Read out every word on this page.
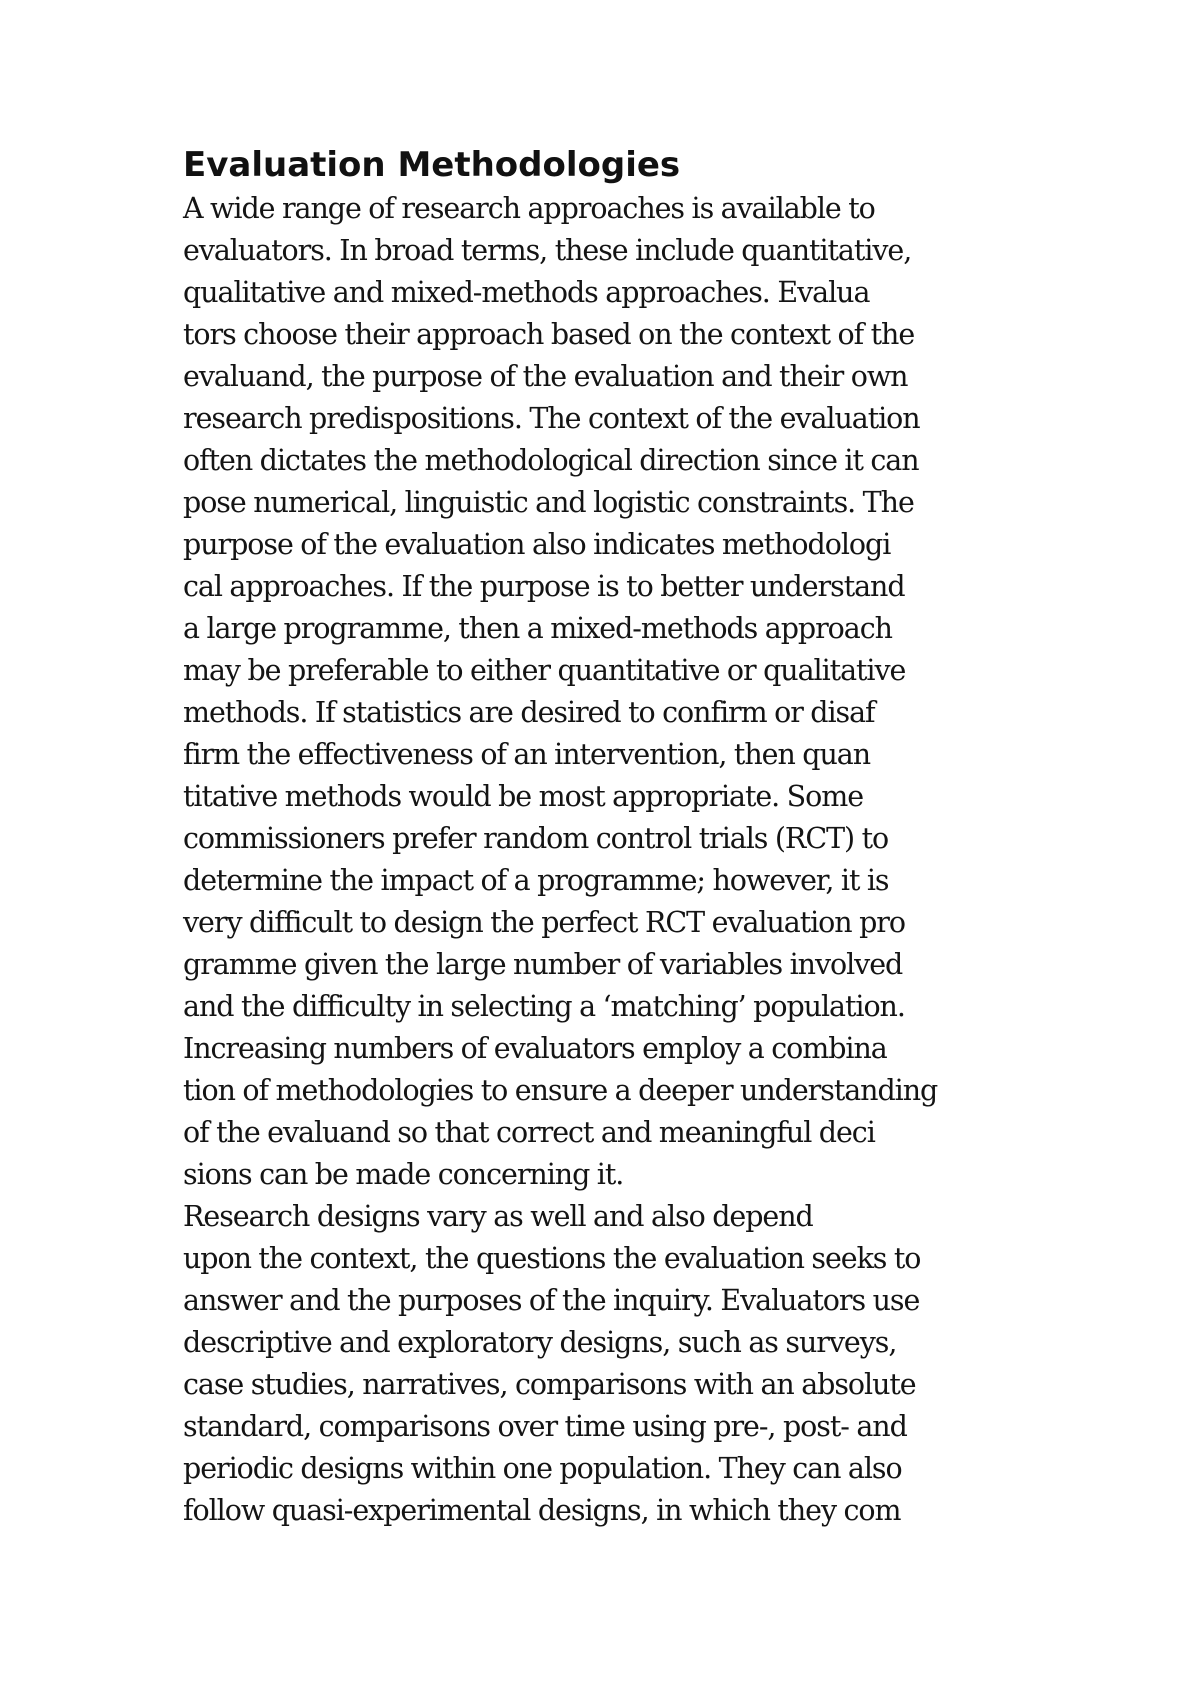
Evaluation Methodologies

A wide range of research approaches is available to
evaluators. In broad terms, these include quantitative,
qualitative and mixed-methods approaches. Evalua
tors choose their approach based on the context of the
evaluand, the purpose of the evaluation and their own
research predispositions. The context of the evaluation
often dictates the methodological direction since it can
pose numerical, linguistic and logistic constraints. The
purpose of the evaluation also indicates methodologi
cal approaches. If the purpose is to better understand
a large programme, then a mixed-methods approach
may be preferable to either quantitative or qualitative
methods. If statistics are desired to confirm or disaf
firm the effectiveness of an intervention, then quan
titative methods would be most appropriate. Some
commissioners prefer random control trials (RCT) to
determine the impact of a programme; however, it is
very difficult to design the perfect RCT evaluation pro
gramme given the large number of variables involved
and the difficulty in selecting a ‘matching’ population.
Increasing numbers of evaluators employ a combina
tion of methodologies to ensure a deeper understanding
of the evaluand so that correct and meaningful deci
sions can be made concerning it.

Research designs vary as well and also depend
upon the context, the questions the evaluation seeks to
answer and the purposes of the inquiry. Evaluators use
descriptive and exploratory designs, such as surveys,
case studies, narratives, comparisons with an absolute
standard, comparisons over time using pre-, post- and
periodic designs within one population. They can also
follow quasi-experimental designs, in which they com
